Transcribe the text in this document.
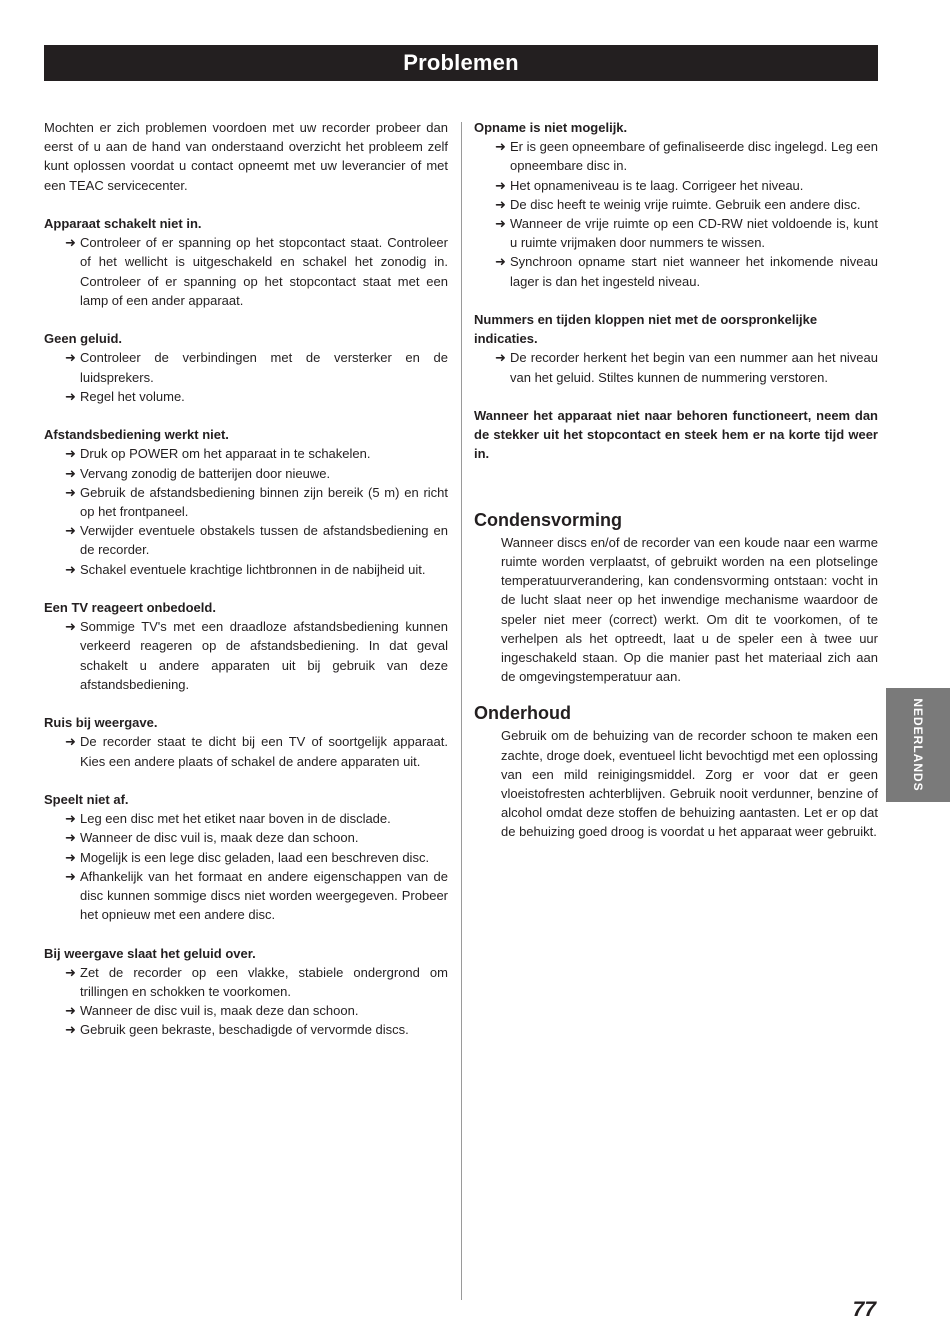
Problemen

Mochten er zich problemen voordoen met uw recorder probeer dan eerst of u aan de hand van onderstaand overzicht het probleem zelf kunt oplossen voordat u contact opneemt met uw leverancier of met een TEAC servicecenter.

Apparaat schakelt niet in.
➜ Controleer of er spanning op het stopcontact staat. Controleer of het wellicht is uitgeschakeld en schakel het zonodig in. Controleer of er spanning op het stopcontact staat met een lamp of een ander apparaat.
Geen geluid.
➜ Controleer de verbindingen met de versterker en de luidsprekers.
➜ Regel het volume.
Afstandsbediening werkt niet.
➜ Druk op POWER om het apparaat in te schakelen.
➜ Vervang zonodig de batterijen door nieuwe.
➜ Gebruik de afstandsbediening binnen zijn bereik (5 m) en richt op het frontpaneel.
➜ Verwijder eventuele obstakels tussen de afstandsbediening en de recorder.
➜ Schakel eventuele krachtige lichtbronnen in de nabijheid uit.
Een TV reageert onbedoeld.
➜ Sommige TV's met een draadloze afstandsbediening kunnen verkeerd reageren op de afstandsbediening. In dat geval schakelt u andere apparaten uit bij gebruik van deze afstandsbediening.
Ruis bij weergave.
➜ De recorder staat te dicht bij een TV of soortgelijk apparaat. Kies een andere plaats of schakel de andere apparaten uit.
Speelt niet af.
➜ Leg een disc met het etiket naar boven in de disclade.
➜ Wanneer de disc vuil is, maak deze dan schoon.
➜ Mogelijk is een lege disc geladen, laad een beschreven disc.
➜ Afhankelijk van het formaat en andere eigenschappen van de disc kunnen sommige discs niet worden weergegeven. Probeer het opnieuw met een andere disc.
Bij weergave slaat het geluid over.
➜ Zet de recorder op een vlakke, stabiele ondergrond om trillingen en schokken te voorkomen.
➜ Wanneer de disc vuil is, maak deze dan schoon.
➜ Gebruik geen bekraste, beschadigde of vervormde discs.
Opname is niet mogelijk.
➜ Er is geen opneembare of gefinaliseerde disc ingelegd. Leg een opneembare disc in.
➜ Het opnameniveau is te laag. Corrigeer het niveau.
➜ De disc heeft te weinig vrije ruimte. Gebruik een andere disc.
➜ Wanneer de vrije ruimte op een CD-RW niet voldoende is, kunt u ruimte vrijmaken door nummers te wissen.
➜ Synchroon opname start niet wanneer het inkomende niveau lager is dan het ingesteld niveau.
Nummers en tijden kloppen niet met de oorspronkelijke indicaties.
➜ De recorder herkent het begin van een nummer aan het niveau van het geluid. Stiltes kunnen de nummering verstoren.

Wanneer het apparaat niet naar behoren functioneert, neem dan de stekker uit het stopcontact en steek hem er na korte tijd weer in.

Condensvorming

Wanneer discs en/of de recorder van een koude naar een warme ruimte worden verplaatst, of gebruikt worden na een plotselinge temperatuurverandering, kan condensvorming ontstaan: vocht in de lucht slaat neer op het inwendige mechanisme waardoor de speler niet meer (correct) werkt. Om dit te voorkomen, of te verhelpen als het optreedt, laat u de speler een à twee uur ingeschakeld staan. Op die manier past het materiaal zich aan de omgevingstemperatuur aan.

Onderhoud

Gebruik om de behuizing van de recorder schoon te maken een zachte, droge doek, eventueel licht bevochtigd met een oplossing van een mild reinigingsmiddel. Zorg er voor dat er geen vloeistofresten achterblijven. Gebruik nooit verdunner, benzine of alcohol omdat deze stoffen de behuizing aantasten. Let er op dat de behuizing goed droog is voordat u het apparaat weer gebruikt.

NEDERLANDS
77
